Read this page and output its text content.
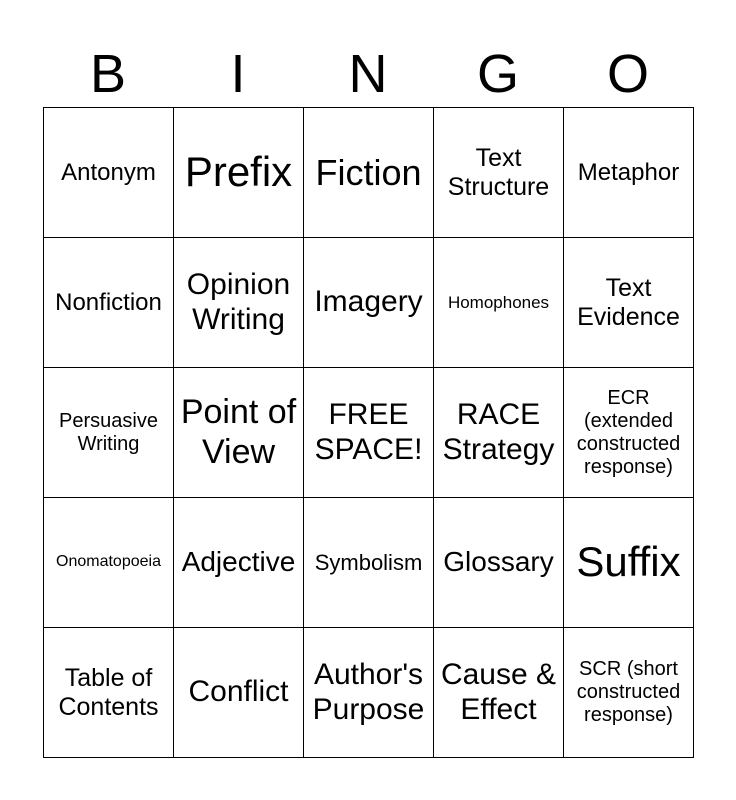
B	I	N	G	O
Antonym	Prefix	Fiction	Text Structure	Metaphor
Nonfiction	Opinion Writing	Imagery	Homophones	Text Evidence
Persuasive Writing	Point of View	FREE SPACE!	RACE Strategy	ECR (extended constructed response)
Onomatopoeia	Adjective	Symbolism	Glossary	Suffix
Table of Contents	Conflict	Author's Purpose	Cause & Effect	SCR (short constructed response)
